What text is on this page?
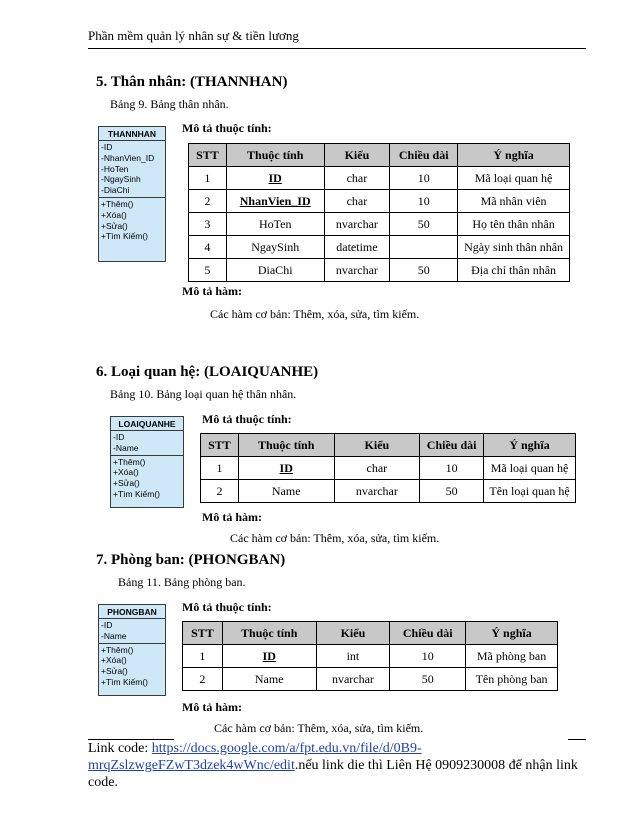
Phần mềm quản lý nhân sự & tiền lương
5. Thân nhân: (THANNHAN)
Bảng 9. Bảng thân nhân.
THANNHAN
-ID
-NhanVien_ID
-HoTen
-NgaySinh
-DiaChi
+Thêm()
+Xóa()
+Sửa()
+Tìm Kiếm()
Mô tả thuộc tính:
STT	Thuộc tính	Kiểu	Chiều dài	Ý nghĩa
1	ID	char	10	Mã loại quan hệ
2	NhanVien_ID	char	10	Mã nhân viên
3	HoTen	nvarchar	50	Họ tên thân nhân
4	NgaySinh	datetime		Ngày sinh thân nhân
5	DiaChi	nvarchar	50	Địa chỉ thân nhân
Mô tả hàm:
Các hàm cơ bản: Thêm, xóa, sửa, tìm kiếm.
6. Loại quan hệ: (LOAIQUANHE)
Bảng 10. Bảng loại quan hệ thân nhân.
LOAIQUANHE
-ID
-Name
+Thêm()
+Xóa()
+Sửa()
+Tìm Kiếm()
Mô tả thuộc tính:
STT	Thuộc tính	Kiểu	Chiều dài	Ý nghĩa
1	ID	char	10	Mã loại quan hệ
2	Name	nvarchar	50	Tên loại quan hệ
Mô tả hàm:
Các hàm cơ bản: Thêm, xóa, sửa, tìm kiếm.
7. Phòng ban: (PHONGBAN)
Bảng 11. Bảng phòng ban.
PHONGBAN
-ID
-Name
+Thêm()
+Xóa()
+Sửa()
+Tìm Kiếm()
Mô tả thuộc tính:
STT	Thuộc tính	Kiểu	Chiều dài	Ý nghĩa
1	ID	int	10	Mã phòng ban
2	Name	nvarchar	50	Tên phòng ban
Mô tả hàm:
Các hàm cơ bản: Thêm, xóa, sửa, tìm kiếm.
Link code: https://docs.google.com/a/fpt.edu.vn/file/d/0B9-mrqZslzwgeFZwT3dzek4wWnc/edit.nếu link die thì Liên Hệ 0909230008 để nhận link code.
